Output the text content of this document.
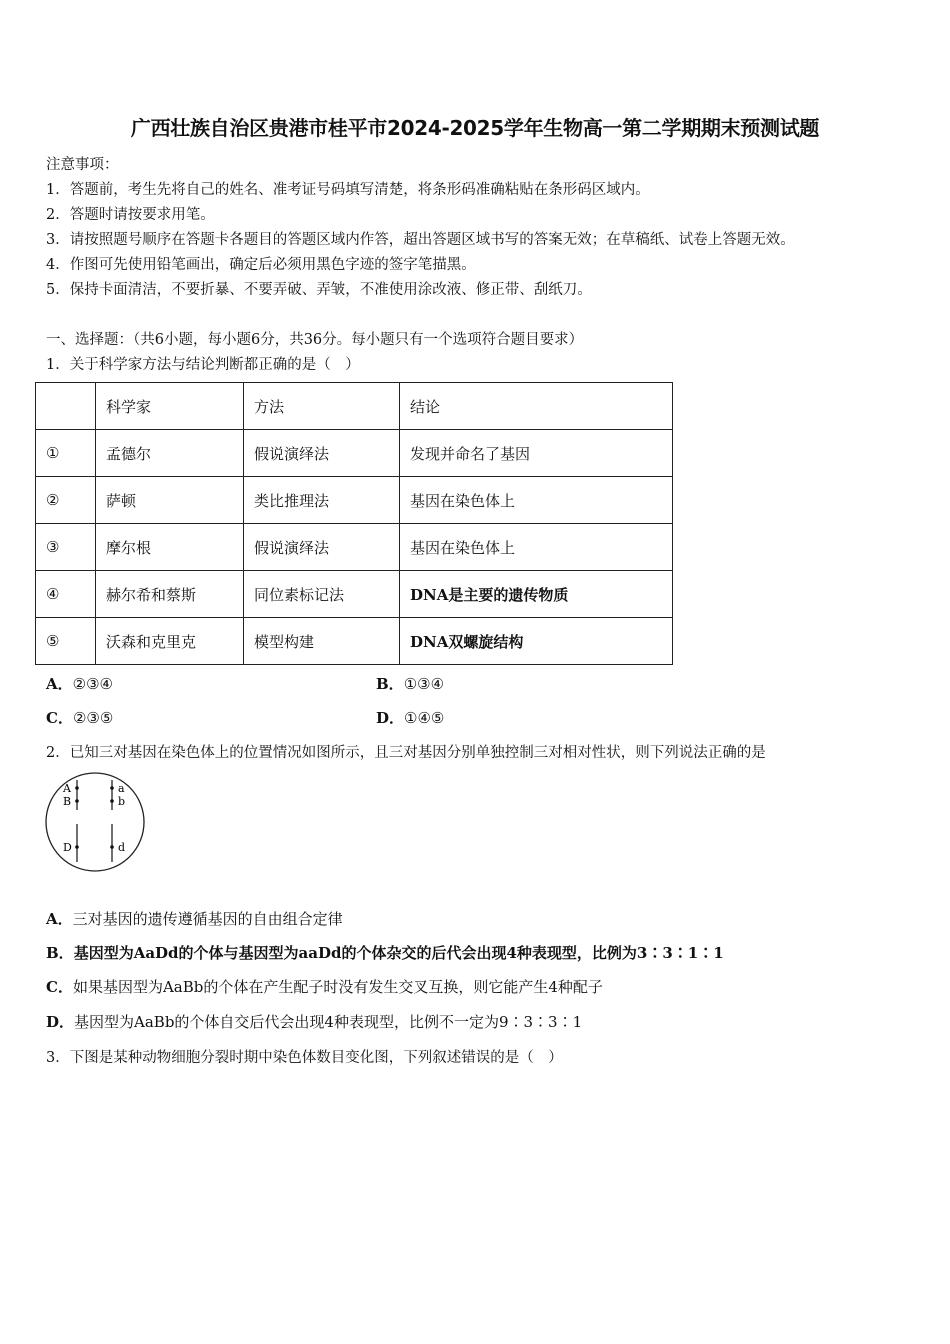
广西壮族自治区贵港市桂平市2024-2025学年生物高一第二学期期末预测试题
注意事项：
1．答题前，考生先将自己的姓名、准考证号码填写清楚，将条形码准确粘贴在条形码区域内。
2．答题时请按要求用笔。
3．请按照题号顺序在答题卡各题目的答题区域内作答，超出答题区域书写的答案无效；在草稿纸、试卷上答题无效。
4．作图可先使用铅笔画出，确定后必须用黑色字迹的签字笔描黑。
5．保持卡面清洁，不要折暴、不要弄破、弄皱，不准使用涂改液、修正带、刮纸刀。
一、选择题：（共6小题，每小题6分，共36分。每小题只有一个选项符合题目要求）
1．关于科学家方法与结论判断都正确的是（　）
	科学家	方法	结论
①	孟德尔	假说演绎法	发现并命名了基因
②	萨顿	类比推理法	基因在染色体上
③	摩尔根	假说演绎法	基因在染色体上
④	赫尔希和蔡斯	同位素标记法	DNA是主要的遗传物质
⑤	沃森和克里克	模型构建	DNA双螺旋结构
A．②③④	B．①③④
C．②③⑤	D．①④⑤
2．已知三对基因在染色体上的位置情况如图所示，且三对基因分别单独控制三对相对性状，则下列说法正确的是
A
B
a
b
D	d
A．三对基因的遗传遵循基因的自由组合定律
B．基因型为AaDd的个体与基因型为aaDd的个体杂交的后代会出现4种表现型，比例为3∶3∶1∶1
C．如果基因型为AaBb的个体在产生配子时没有发生交叉互换，则它能产生4种配子
D．基因型为AaBb的个体自交后代会出现4种表现型，比例不一定为9∶3∶3∶1
3．下图是某种动物细胞分裂时期中染色体数目变化图，下列叙述错误的是（　）
